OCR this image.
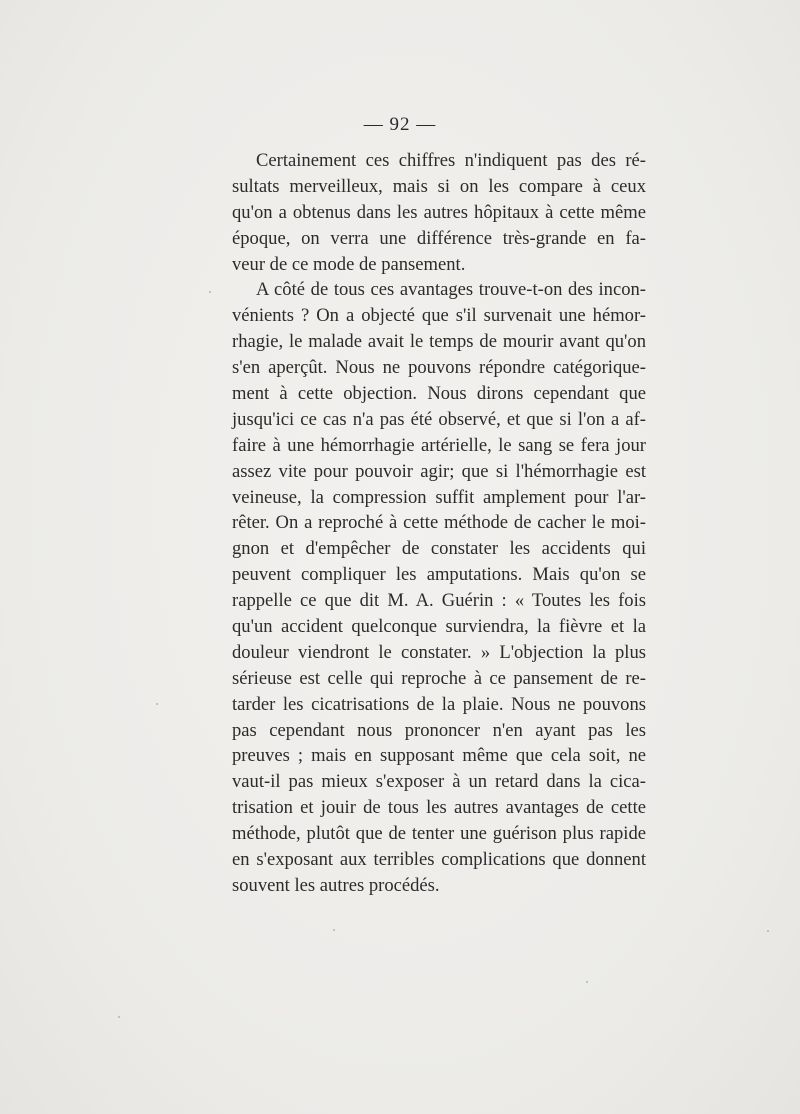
— 92 —
Certainement ces chiffres n'indiquent pas des ré-
sultats merveilleux, mais si on les compare à ceux
qu'on a obtenus dans les autres hôpitaux à cette même
époque, on verra une différence très-grande en fa-
veur de ce mode de pansement.
A côté de tous ces avantages trouve-t-on des incon-
vénients ? On a objecté que s'il survenait une hémor-
rhagie, le malade avait le temps de mourir avant qu'on
s'en aperçût. Nous ne pouvons répondre catégorique-
ment à cette objection. Nous dirons cependant que
jusqu'ici ce cas n'a pas été observé, et que si l'on a af-
faire à une hémorrhagie artérielle, le sang se fera jour
assez vite pour pouvoir agir; que si l'hémorrhagie est
veineuse, la compression suffit amplement pour l'ar-
rêter. On a reproché à cette méthode de cacher le moi-
gnon et d'empêcher de constater les accidents qui
peuvent compliquer les amputations. Mais qu'on se
rappelle ce que dit M. A. Guérin : « Toutes les fois
qu'un accident quelconque surviendra, la fièvre et la
douleur viendront le constater. » L'objection la plus
sérieuse est celle qui reproche à ce pansement de re-
tarder les cicatrisations de la plaie. Nous ne pouvons
pas cependant nous prononcer n'en ayant pas les
preuves ; mais en supposant même que cela soit, ne
vaut-il pas mieux s'exposer à un retard dans la cica-
trisation et jouir de tous les autres avantages de cette
méthode, plutôt que de tenter une guérison plus rapide
en s'exposant aux terribles complications que donnent
souvent les autres procédés.
